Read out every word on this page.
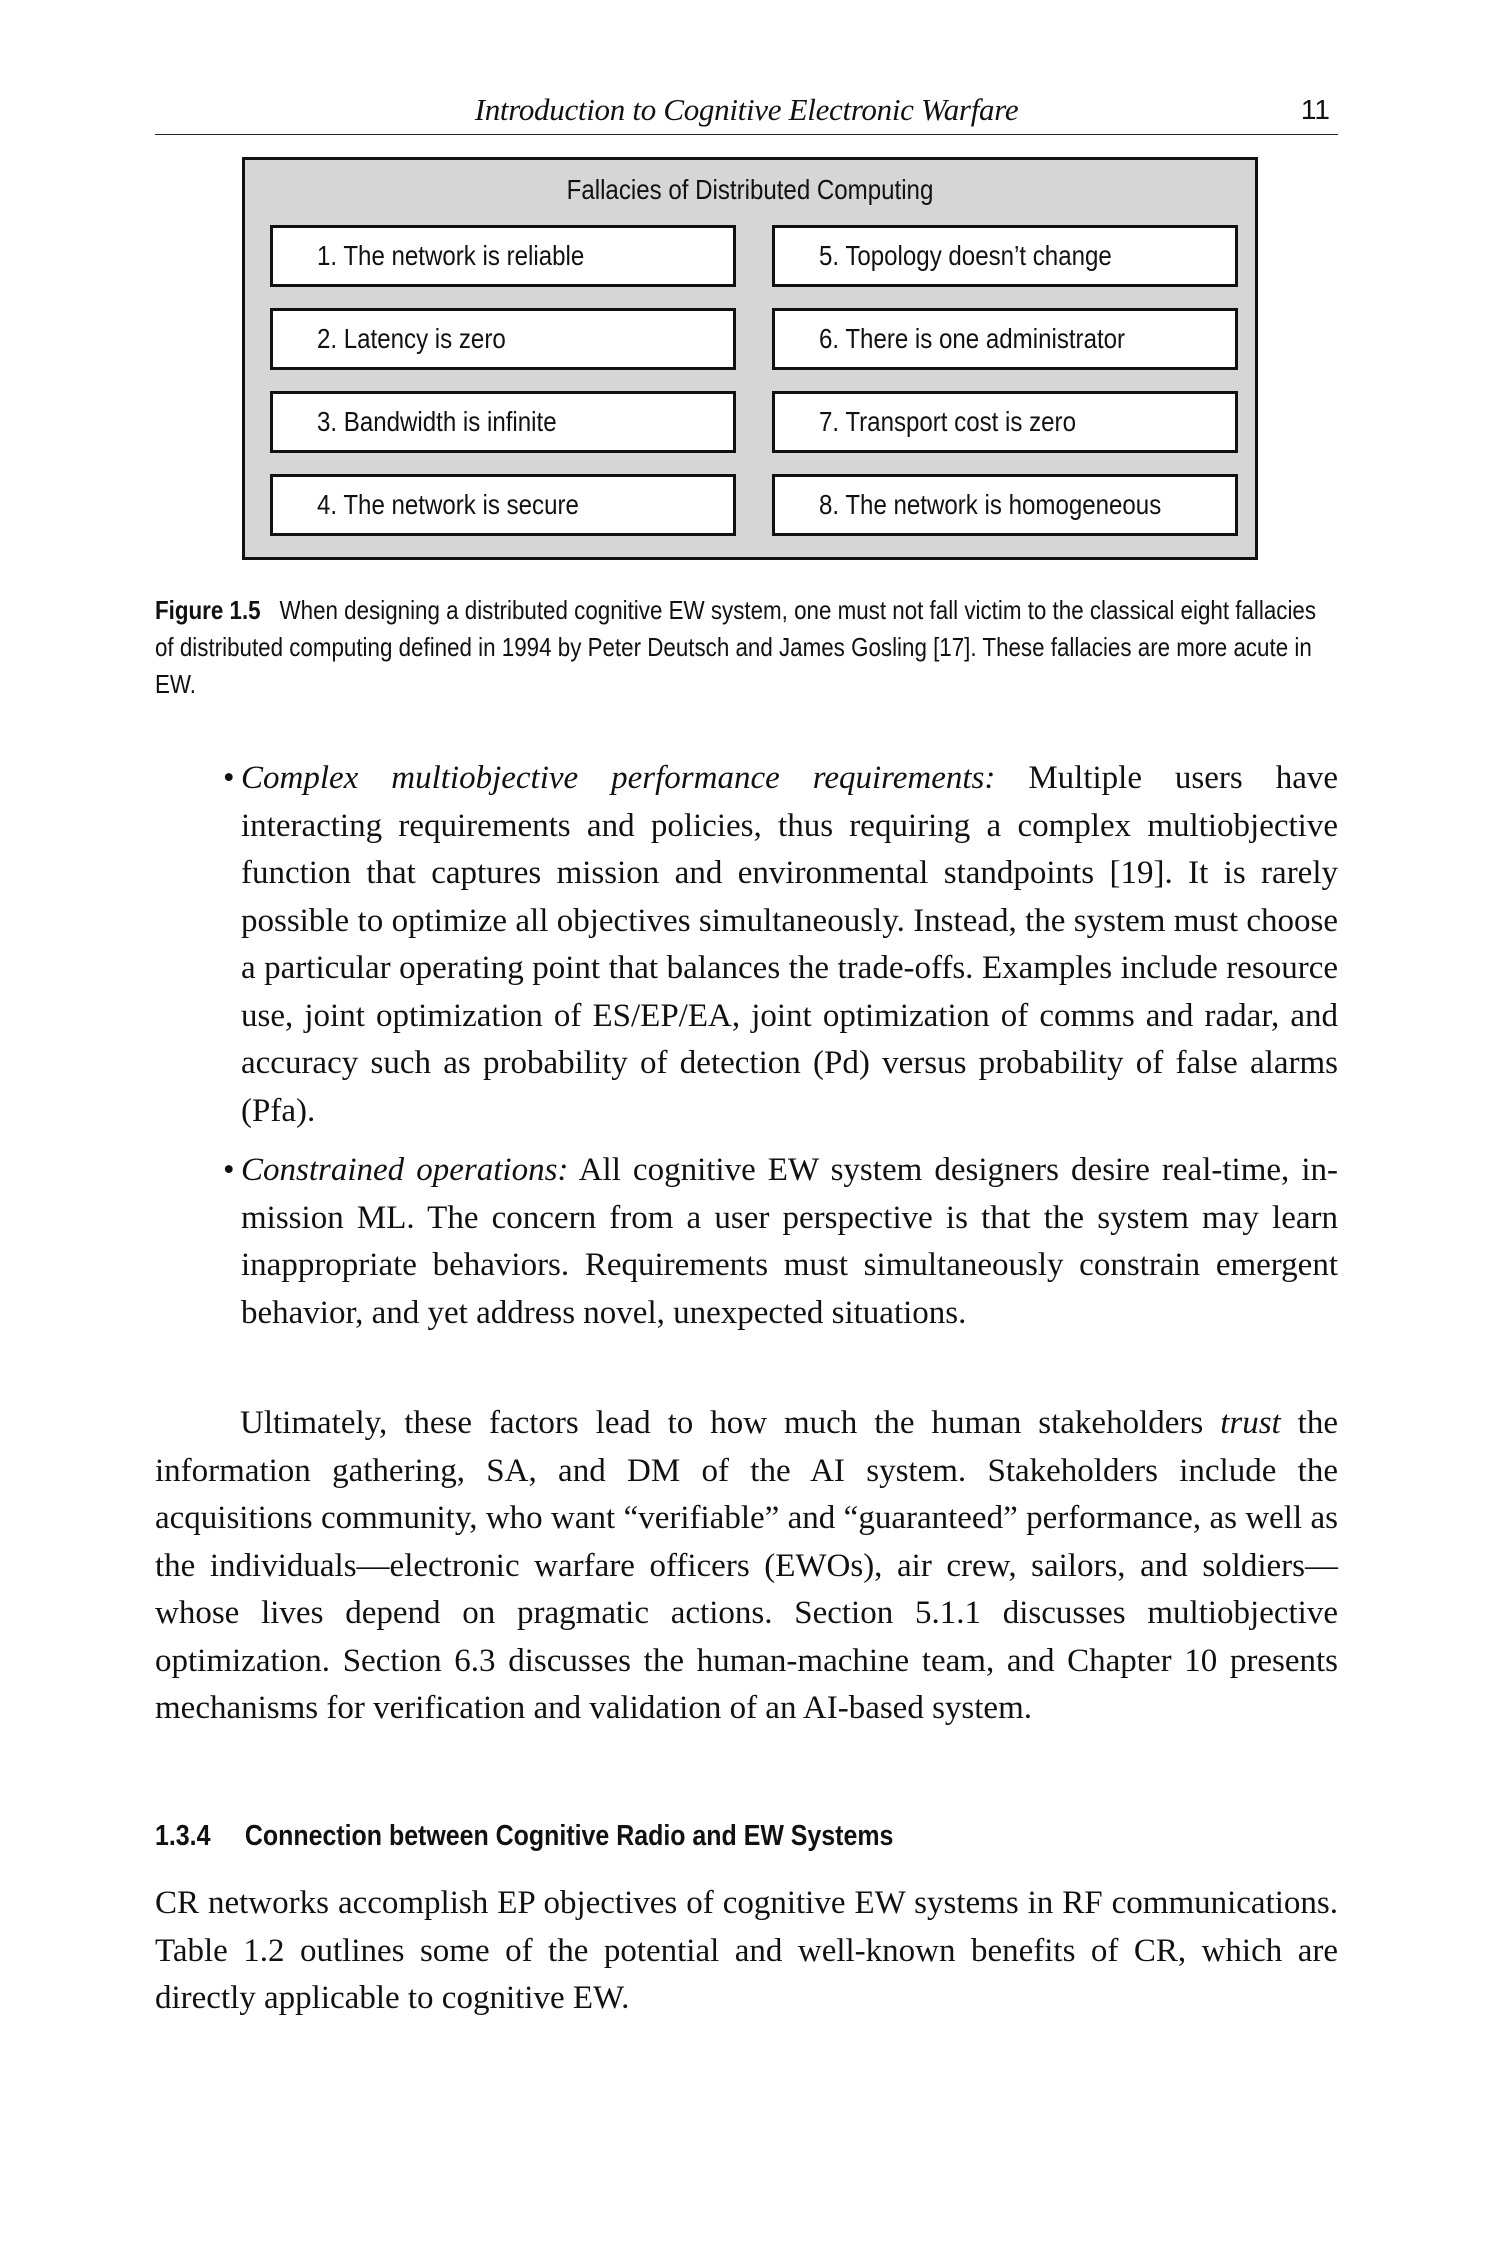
Introduction to Cognitive Electronic Warfare	11
Fallacies of Distributed Computing
1. The network is reliable
2. Latency is zero
3. Bandwidth is infinite
4. The network is secure
5. Topology doesn’t change
6. There is one administrator
7. Transport cost is zero
8. The network is homogeneous
Figure 1.5 When designing a distributed cognitive EW system, one must not fall victim to the classical eight fallacies of distributed computing defined in 1994 by Peter Deutsch and James Gosling [17]. These fallacies are more acute in EW.
• Complex multiobjective performance requirements: Multiple users have interacting requirements and policies, thus requiring a complex multiobjective function that captures mission and environmental standpoints [19]. It is rarely possible to optimize all objectives simultaneously. Instead, the system must choose a particular operating point that balances the trade-offs. Examples include resource use, joint optimization of ES/EP/EA, joint optimization of comms and radar, and accuracy such as probability of detection (Pd) versus probability of false alarms (Pfa).
• Constrained operations: All cognitive EW system designers desire real-time, in-mission ML. The concern from a user perspective is that the system may learn inappropriate behaviors. Requirements must simultaneously constrain emergent behavior, and yet address novel, unexpected situations.
Ultimately, these factors lead to how much the human stakeholders trust the information gathering, SA, and DM of the AI system. Stakeholders include the acquisitions community, who want “verifiable” and “guaranteed” performance, as well as the individuals—electronic warfare officers (EWOs), air crew, sailors, and soldiers—whose lives depend on pragmatic actions. Section 5.1.1 discusses multiobjective optimization. Section 6.3 discusses the human-machine team, and Chapter 10 presents mechanisms for verification and validation of an AI-based system.
1.3.4 Connection between Cognitive Radio and EW Systems
CR networks accomplish EP objectives of cognitive EW systems in RF communications. Table 1.2 outlines some of the potential and well-known benefits of CR, which are directly applicable to cognitive EW.
